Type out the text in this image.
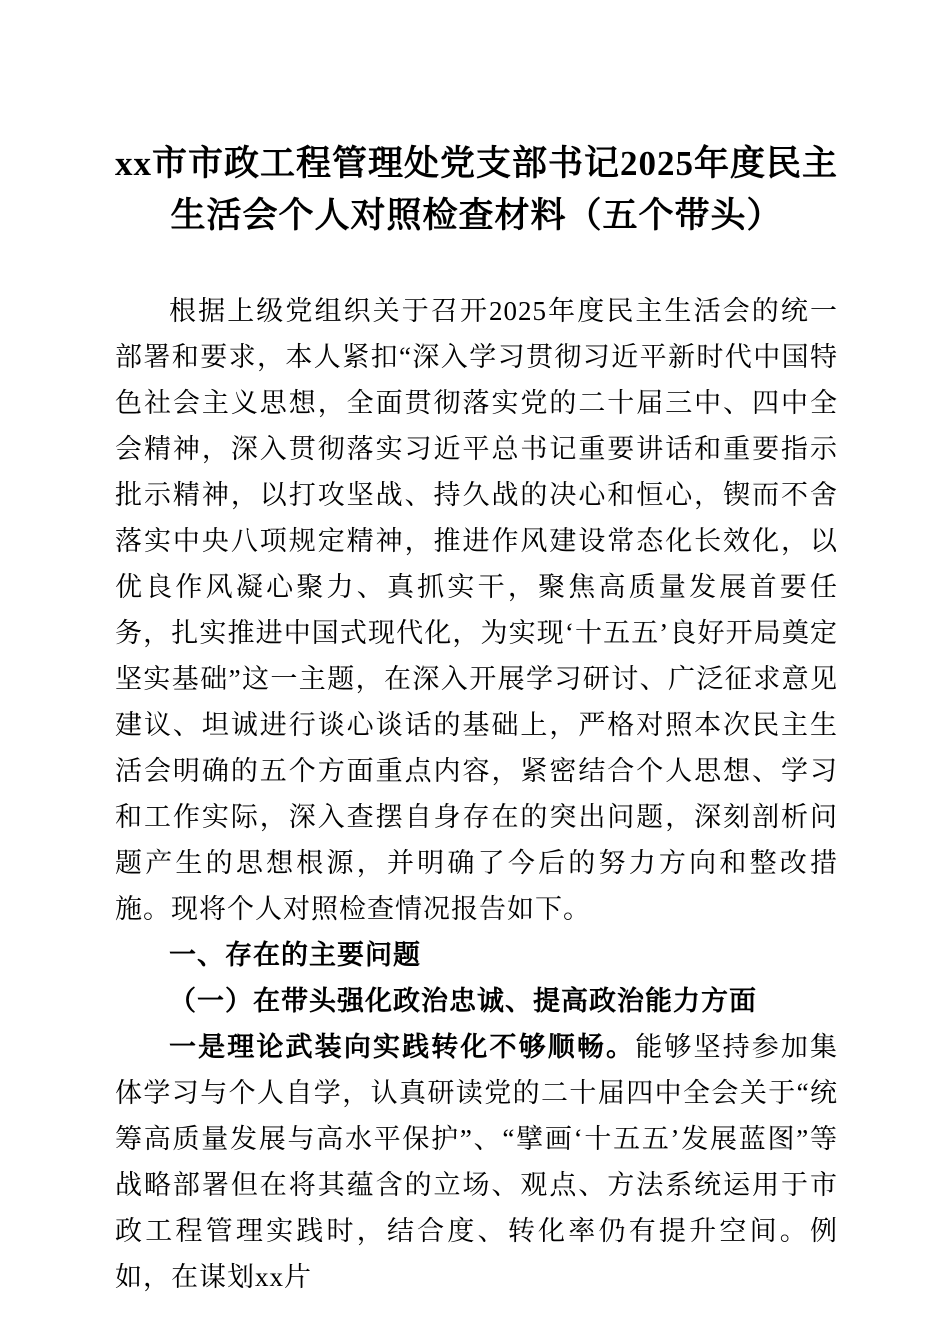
xx市市政工程管理处党支部书记2025年度民主生活会个人对照检查材料（五个带头）

根据上级党组织关于召开2025年度民主生活会的统一部署和要求，本人紧扣“深入学习贯彻习近平新时代中国特色社会主义思想，全面贯彻落实党的二十届三中、四中全会精神，深入贯彻落实习近平总书记重要讲话和重要指示批示精神，以打攻坚战、持久战的决心和恒心，锲而不舍落实中央八项规定精神，推进作风建设常态化长效化，以优良作风凝心聚力、真抓实干，聚焦高质量发展首要任务，扎实推进中国式现代化，为实现‘十五五’良好开局奠定坚实基础”这一主题，在深入开展学习研讨、广泛征求意见建议、坦诚进行谈心谈话的基础上，严格对照本次民主生活会明确的五个方面重点内容，紧密结合个人思想、学习和工作实际，深入查摆自身存在的突出问题，深刻剖析问题产生的思想根源，并明确了今后的努力方向和整改措施。现将个人对照检查情况报告如下。

一、存在的主要问题

（一）在带头强化政治忠诚、提高政治能力方面

一是理论武装向实践转化不够顺畅。能够坚持参加集体学习与个人自学，认真研读党的二十届四中全会关于“统筹高质量发展与高水平保护”、“擘画‘十五五’发展蓝图”等战略部署但在将其蕴含的立场、观点、方法系统运用于市政工程管理实践时，结合度、转化率仍有提升空间。例如，在谋划xx片
